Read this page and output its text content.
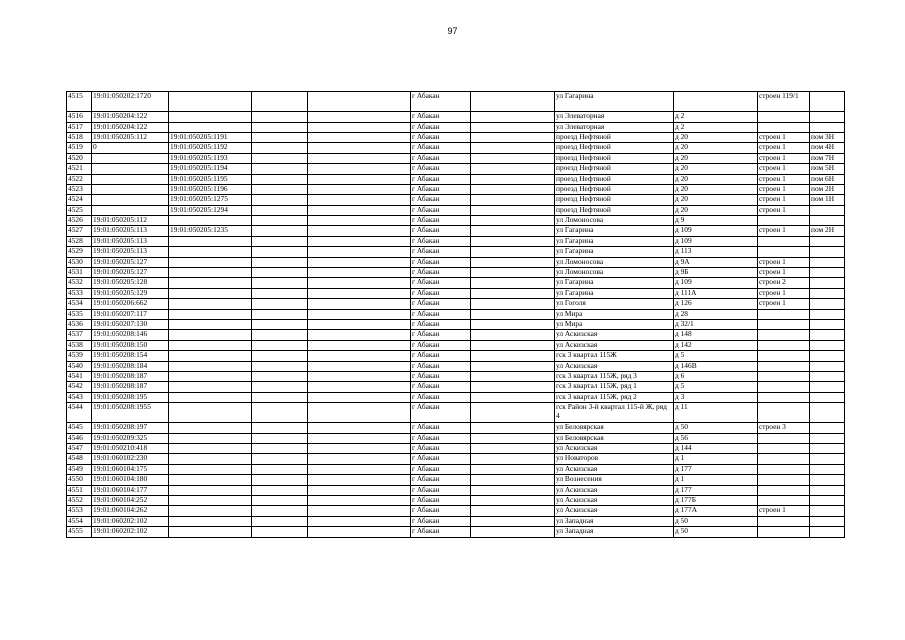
97
4515	19:01:050202:1720				г Абакан		ул Гагарина		строен 119/1	
4516	19:01:050204:122				г Абакан		ул Элеваторная	д 2		
4517	19:01:050204:122				г Абакан		ул Элеваторная	д 2		
4518	19:01:050205:112	19:01:050205:1191			г Абакан		проезд Нефтяной	д 20	строен 1	пом 3Н
4519	0	19:01:050205:1192			г Абакан		проезд Нефтяной	д 20	строен 1	пом 4Н
4520		19:01:050205:1193			г Абакан		проезд Нефтяной	д 20	строен 1	пом 7Н
4521		19:01:050205:1194			г Абакан		проезд Нефтяной	д 20	строен 1	пом 5Н
4522		19:01:050205:1195			г Абакан		проезд Нефтяной	д 20	строен 1	пом 6Н
4523		19:01:050205:1196			г Абакан		проезд Нефтяной	д 20	строен 1	пом 2Н
4524		19:01:050205:1275			г Абакан		проезд Нефтяной	д 20	строен 1	пом 1Н
4525		19:01:050205:1294			г Абакан		проезд Нефтяной	д 20	строен 1	
4526	19:01:050205:112				г Абакан		ул Ломоносова	д 9		
4527	19:01:050205:113	19:01:050205:1235			г Абакан		ул Гагарина	д 109	строен 1	пом 2Н
4528	19:01:050205:113				г Абакан		ул Гагарина	д 109		
4529	19:01:050205:113				г Абакан		ул Гагарина	д 113		
4530	19:01:050205:127				г Абакан		ул Ломоносова	д 9А	строен 1	
4531	19:01:050205:127				г Абакан		ул Ломоносова	д 9Б	строен 1	
4532	19:01:050205:128				г Абакан		ул Гагарина	д 109	строен 2	
4533	19:01:050205:129				г Абакан		ул Гагарина	д 111А	строен 1	
4534	19:01:050206:662				г Абакан		ул Гоголя	д 126	строен 1	
4535	19:01:050207:117				г Абакан		ул Мира	д 28		
4536	19:01:050207:130				г Абакан		ул Мира	д 32/1		
4537	19:01:050208:146				г Абакан		ул Аскизская	д 148		
4538	19:01:050208:150				г Абакан		ул Аскизская	д 142		
4539	19:01:050208:154				г Абакан		гск 3 квартал 115Ж	д 5		
4540	19:01:050208:184				г Абакан		ул Аскизская	д 146В		
4541	19:01:050208:187				г Абакан		гск 3 квартал 115Ж, ряд 3	д 6		
4542	19:01:050208:187				г Абакан		гск 3 квартал 115Ж, ряд 1	д 5		
4543	19:01:050208:195				г Абакан		гск 3 квартал 115Ж, ряд 2	д 3		
4544	19:01:050208:1955				г Абакан		гск Район 3-й квартал 115-й Ж, ряд 4	д 11		
4545	19:01:050208:197				г Абакан		ул Беловярская	д 50	строен 3	
4546	19:01:050209:325				г Абакан		ул Беловярская	д 56		
4547	19:01:050210:418				г Абакан		ул Аскизская	д 144		
4548	19:01:060102:230				г Абакан		ул Новаторов	д 1		
4549	19:01:060104:175				г Абакан		ул Аскизская	д 177		
4550	19:01:060104:180				г Абакан		ул Вознесения	д 1		
4551	19:01:060104:177				г Абакан		ул Аскизская	д 177		
4552	19:01:060104:252				г Абакан		ул Аскизская	д 177Б		
4553	19:01:060104:262				г Абакан		ул Аскизская	д 177А	строен 1	
4554	19:01:060202:102				г Абакан		ул Западная	д 50		
4555	19:01:060202:102				г Абакан		ул Западная	д 50		
